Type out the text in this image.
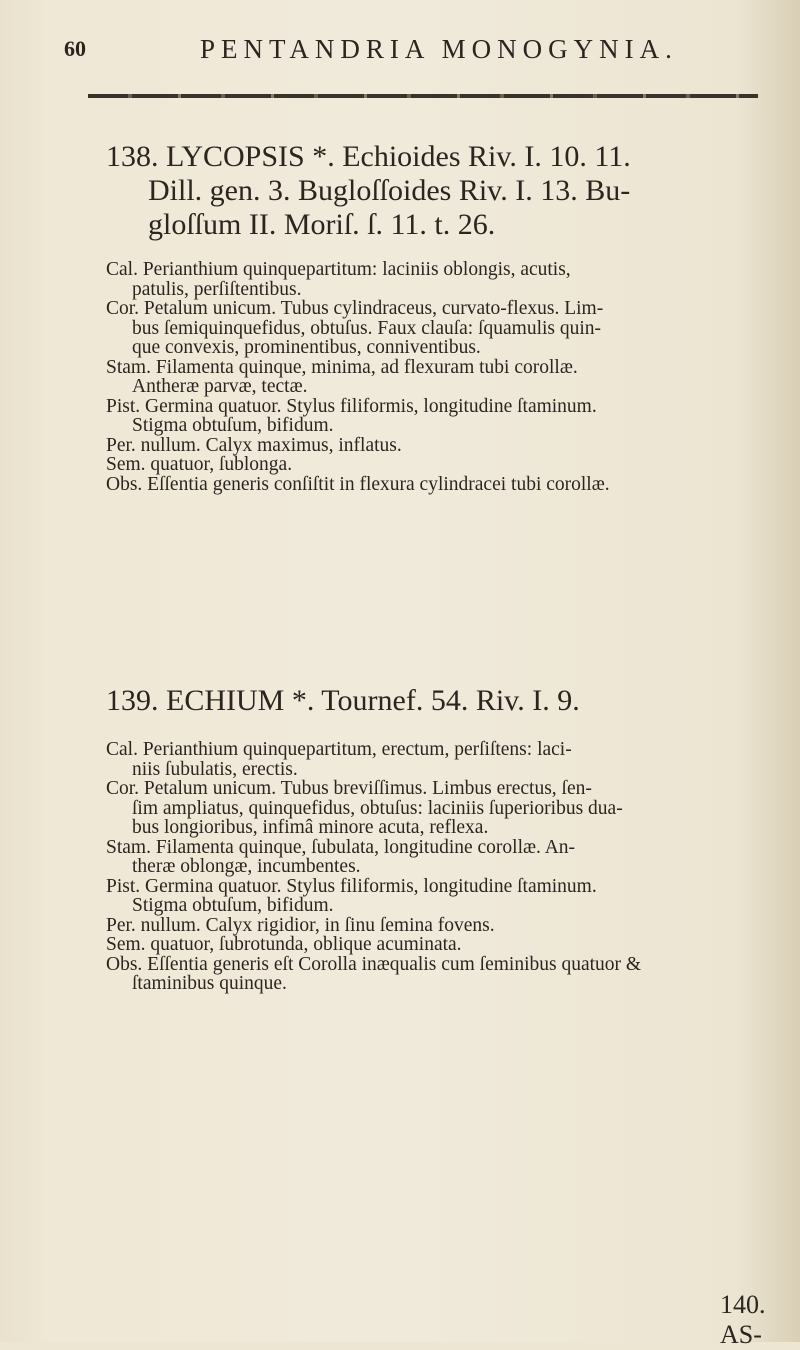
60	PENTANDRIA MONOGYNIA.

138. LYCOPSIS *. Echioides Riv. I. 10. 11.

Dill. gen. 3. Bugloſſoides Riv. I. 13. Bu-

gloſſum II. Moriſ. ſ. 11. t. 26.

Cal. Perianthium quinquepartitum: laciniis oblongis, acutis,

patulis, perſiſtentibus.

Cor. Petalum unicum. Tubus cylindraceus, curvato-flexus. Lim-

bus ſemiquinquefidus, obtuſus. Faux clauſa: ſquamulis quin-

que convexis, prominentibus, conniventibus.

Stam. Filamenta quinque, minima, ad flexuram tubi corollæ.

Antheræ parvæ, tectæ.

Pist. Germina quatuor. Stylus filiformis, longitudine ſtaminum.

Stigma obtuſum, bifidum.

Per. nullum. Calyx maximus, inflatus.

Sem. quatuor, ſublonga.

Obs. Eſſentia generis conſiſtit in flexura cylindracei tubi corollæ.

139. ECHIUM *. Tournef. 54. Riv. I. 9.

Cal. Perianthium quinquepartitum, erectum, perſiſtens: laci-

niis ſubulatis, erectis.

Cor. Petalum unicum. Tubus breviſſimus. Limbus erectus, ſen-

ſim ampliatus, quinquefidus, obtuſus: laciniis ſuperioribus dua-

bus longioribus, infimâ minore acuta, reflexa.

Stam. Filamenta quinque, ſubulata, longitudine corollæ. An-

theræ oblongæ, incumbentes.

Pist. Germina quatuor. Stylus filiformis, longitudine ſtaminum.

Stigma obtuſum, bifidum.

Per. nullum. Calyx rigidior, in ſinu ſemina fovens.

Sem. quatuor, ſubrotunda, oblique acuminata.

Obs. Eſſentia generis eſt Corolla inæqualis cum ſeminibus quatuor &

ſtaminibus quinque.

140. AS-
